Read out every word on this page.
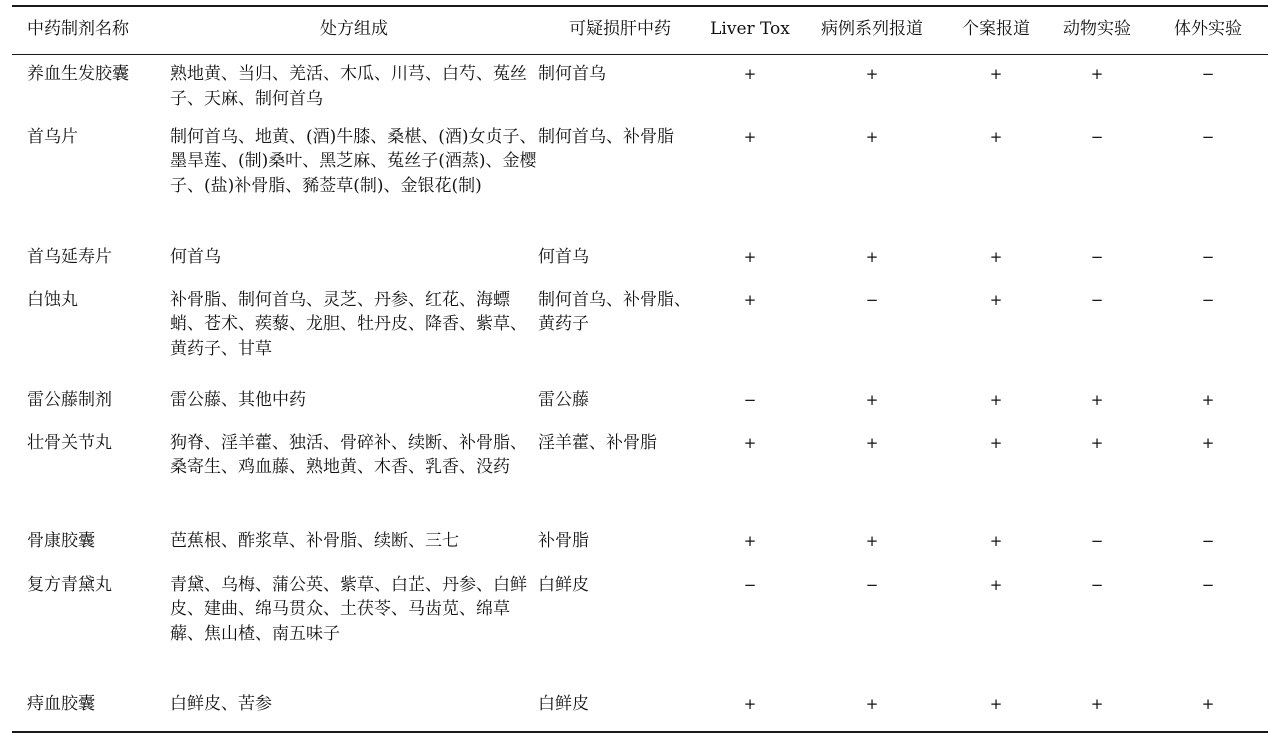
中药制剂名称	处方组成	可疑损肝中药	Liver Tox	病例系列报道	个案报道	动物实验	体外实验
养血生发胶囊	熟地黄、当归、羌活、木瓜、川芎、白芍、菟丝子、天麻、制何首乌	制何首乌	+	+	+	+	−
首乌片	制何首乌、地黄、(酒)牛膝、桑椹、(酒)女贞子、墨旱莲、(制)桑叶、黑芝麻、菟丝子(酒蒸)、金樱子、(盐)补骨脂、豨莶草(制)、金银花(制)	制何首乌、补骨脂	+	+	+	−	−
首乌延寿片	何首乌	何首乌	+	+	+	−	−
白蚀丸	补骨脂、制何首乌、灵芝、丹参、红花、海螵蛸、苍术、蒺藜、龙胆、牡丹皮、降香、紫草、黄药子、甘草	制何首乌、补骨脂、黄药子	+	−	+	−	−
雷公藤制剂	雷公藤、其他中药	雷公藤	−	+	+	+	+
壮骨关节丸	狗脊、淫羊藿、独活、骨碎补、续断、补骨脂、桑寄生、鸡血藤、熟地黄、木香、乳香、没药	淫羊藿、补骨脂	+	+	+	+	+
骨康胶囊	芭蕉根、酢浆草、补骨脂、续断、三七	补骨脂	+	+	+	−	−
复方青黛丸	青黛、乌梅、蒲公英、紫草、白芷、丹参、白鲜皮、建曲、绵马贯众、土茯苓、马齿苋、绵草薢、焦山楂、南五味子	白鲜皮	−	−	+	−	−
痔血胶囊	白鲜皮、苦参	白鲜皮	+	+	+	+	+
